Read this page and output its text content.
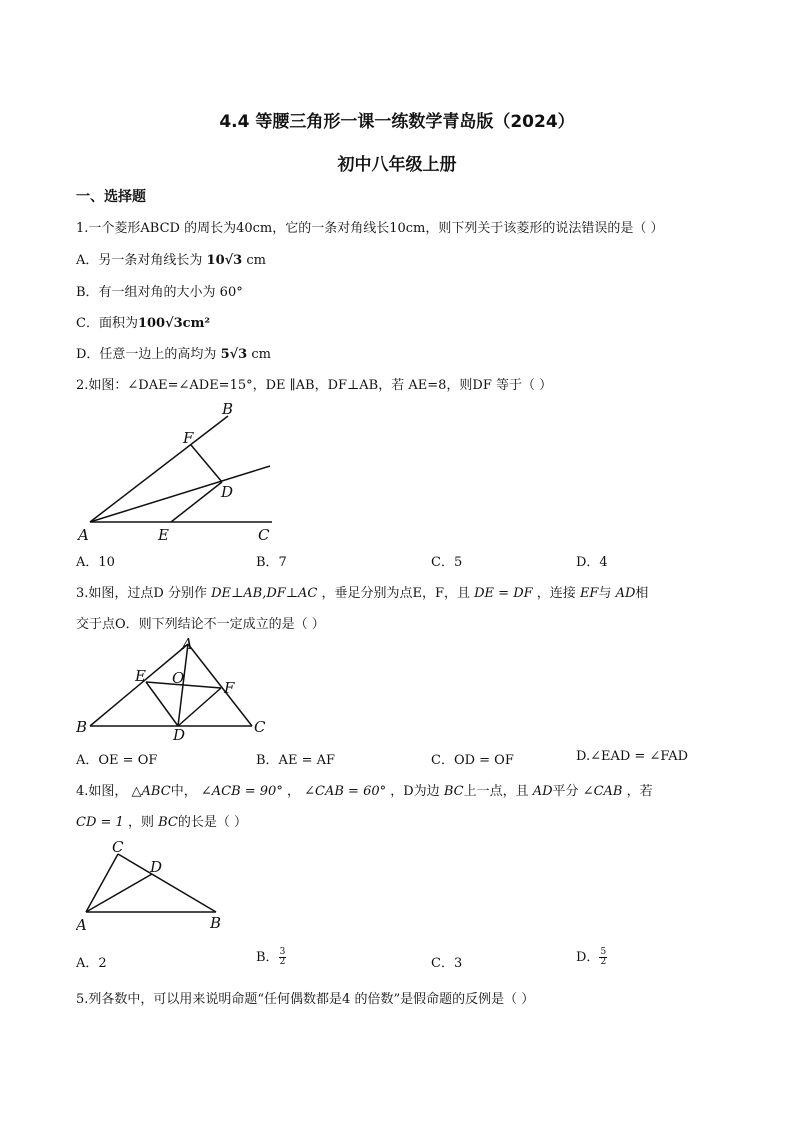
4.4 等腰三角形一课一练数学青岛版（2024）
初中八年级上册
一、选择题
1.一个菱形ABCD 的周长为40cm，它的一条对角线长10cm，则下列关于该菱形的说法错误的是（ ）
A．另一条对角线长为 10√3 cm
B．有一组对角的大小为 60°
C．面积为100√3cm²
D．任意一边上的高均为 5√3 cm
2.如图：∠DAE=∠ADE=15°，DE ∥AB，DF⊥AB，若 AE=8，则DF 等于（ ）
B
F
D
A	E	C
A．10	B．7	C．5	D．4
3.如图，过点D 分别作 DE⊥AB,DF⊥AC ，垂足分别为点E，F，且 DE = DF ，连接 EF与 AD相
交于点O．则下列结论不一定成立的是（ ）
A
E O
F
B	D	C
A．OE = OF	B．AE = AF	C．OD = OF	D.∠EAD = ∠FAD
4.如图， △ABC中， ∠ACB = 90° ， ∠CAB = 60° ，D为边 BC上一点，且 AD平分 ∠CAB ，若
CD = 1 ，则 BC的长是（ ）
C
D
A	B
A．2	B． $\frac{3}{2}$	C．3	D． $\frac{5}{2}$
5.列各数中，可以用来说明命题“任何偶数都是4 的倍数”是假命题的反例是（ ）
